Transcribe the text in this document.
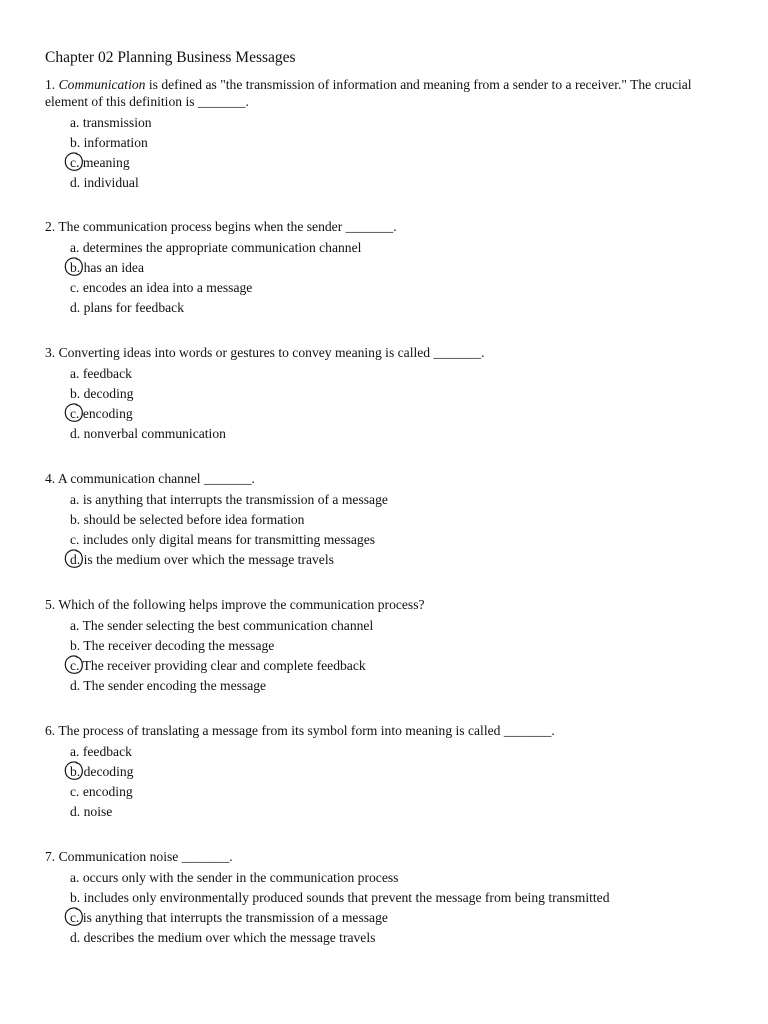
Chapter 02 Planning Business Messages
1. Communication is defined as "the transmission of information and meaning from a sender to a receiver." The crucial element of this definition is _______.
a. transmission
b. information
c. meaning
d. individual
2. The communication process begins when the sender _______.
a. determines the appropriate communication channel
b. has an idea
c. encodes an idea into a message
d. plans for feedback
3. Converting ideas into words or gestures to convey meaning is called _______.
a. feedback
b. decoding
c. encoding
d. nonverbal communication
4. A communication channel _______.
a. is anything that interrupts the transmission of a message
b. should be selected before idea formation
c. includes only digital means for transmitting messages
d. is the medium over which the message travels
5. Which of the following helps improve the communication process?
a. The sender selecting the best communication channel
b. The receiver decoding the message
c. The receiver providing clear and complete feedback
d. The sender encoding the message
6. The process of translating a message from its symbol form into meaning is called _______.
a. feedback
b. decoding
c. encoding
d. noise
7. Communication noise _______.
a. occurs only with the sender in the communication process
b. includes only environmentally produced sounds that prevent the message from being transmitted
c. is anything that interrupts the transmission of a message
d. describes the medium over which the message travels
